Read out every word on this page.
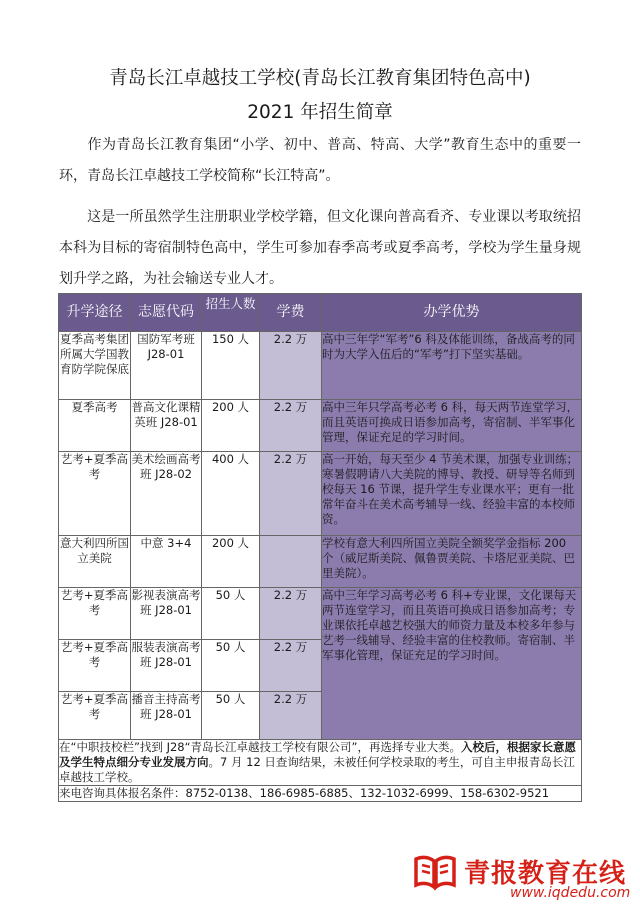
青岛长江卓越技工学校(青岛长江教育集团特色高中)
2021 年招生简章
作为青岛长江教育集团“小学、初中、普高、特高、大学”教育生态中的重要一环，青岛长江卓越技工学校简称“长江特高”。
这是一所虽然学生注册职业学校学籍，但文化课向普高看齐、专业课以考取统招本科为目标的寄宿制特色高中，学生可参加春季高考或夏季高考，学校为学生量身规划升学之路，为社会输送专业人才。
升学途径	志愿代码	招生人数	学费	办学优势
夏季高考集团所属大学国教育防学院保底	国防军考班 J28-01	150 人	2.2 万	高中三年学“军考”6 科及体能训练，备战高考的同时为大学入伍后的“军考”打下坚实基础。
夏季高考	普高文化课精英班 J28-01	200 人	2.2 万	高中三年只学高考必考 6 科，每天两节连堂学习，而且英语可换成日语参加高考，寄宿制、半军事化管理，保证充足的学习时间。
艺考+夏季高考	美术绘画高考班 J28-02	400 人	2.2 万	高一开始，每天至少 4 节美术课，加强专业训练；寒暑假聘请八大美院的博导、教授、研导等名师到校每天 16 节课，提升学生专业课水平；更有一批常年奋斗在美术高考辅导一线、经验丰富的本校师资。
意大利四所国立美院	中意 3+4	200 人		学校有意大利四所国立美院全额奖学金指标 200 个（威尼斯美院、佩鲁贾美院、卡塔尼亚美院、巴里美院）。
艺考+夏季高考	影视表演高考班 J28-01	50 人	2.2 万	高中三年学习高考必考 6 科+专业课，文化课每天两节连堂学习，而且英语可换成日语参加高考；专业课依托卓越艺校强大的师资力量及本校多年参与艺考一线辅导、经验丰富的住校教师。寄宿制、半军事化管理，保证充足的学习时间。
艺考+夏季高考	服装表演高考班 J28-01	50 人	2.2 万	
艺考+夏季高考	播音主持高考班 J28-01	50 人	2.2 万	
在“中职技校栏”找到 J28“青岛长江卓越技工学校有限公司”，再选择专业大类。入校后，根据家长意愿及学生特点细分专业发展方向。7 月 12 日查询结果，未被任何学校录取的考生，可自主申报青岛长江卓越技工学校。				
来电咨询具体报名条件：8752-0138、186-6985-6885、132-1032-6999、158-6302-9521				
青报教育在线
www.iqdedu.com
